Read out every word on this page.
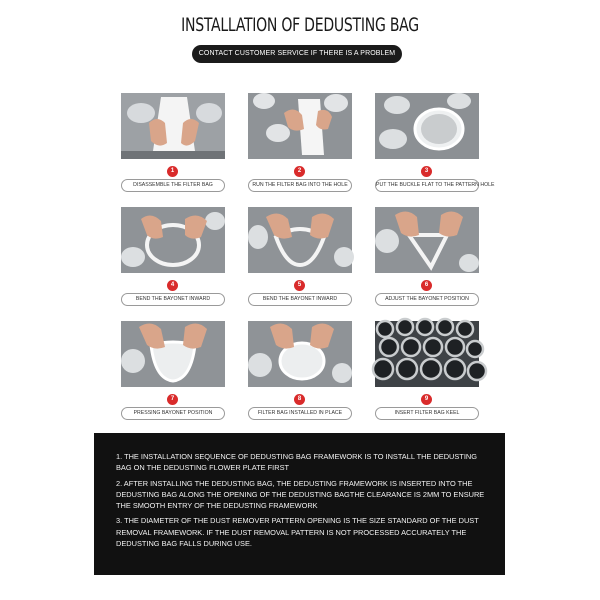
INSTALLATION OF DEDUSTING BAG
CONTACT CUSTOMER SERVICE IF THERE IS A PROBLEM
1
DISASSEMBLE THE FILTER BAG
2
RUN THE FILTER BAG INTO THE HOLE
3
PUT THE BUCKLE FLAT TO THE PATTERN HOLE
4
BEND THE BAYONET INWARD
5
BEND THE BAYONET INWARD
6
ADJUST THE BAYONET POSITION
7
PRESSING BAYONET POSITION
8
FILTER BAG INSTALLED IN PLACE
9
INSERT FILTER BAG KEEL

1. THE INSTALLATION SEQUENCE OF DEDUSTING BAG FRAMEWORK IS TO INSTALL THE DEDUSTING BAG ON THE DEDUSTING FLOWER PLATE FIRST

2. AFTER INSTALLING THE DEDUSTING BAG, THE DEDUSTING FRAMEWORK IS INSERTED INTO THE DEDUSTING BAG ALONG THE OPENING OF THE DEDUSTING BAGTHE CLEARANCE IS 2MM TO ENSURE THE SMOOTH ENTRY OF THE DEDUSTING FRAMEWORK

3. THE DIAMETER OF THE DUST REMOVER PATTERN OPENING IS THE SIZE STANDARD OF THE DUST REMOVAL FRAMEWORK. IF THE DUST REMOVAL PATTERN IS NOT PROCESSED ACCURATELY THE DEDUSTING BAG FALLS DURING USE.
